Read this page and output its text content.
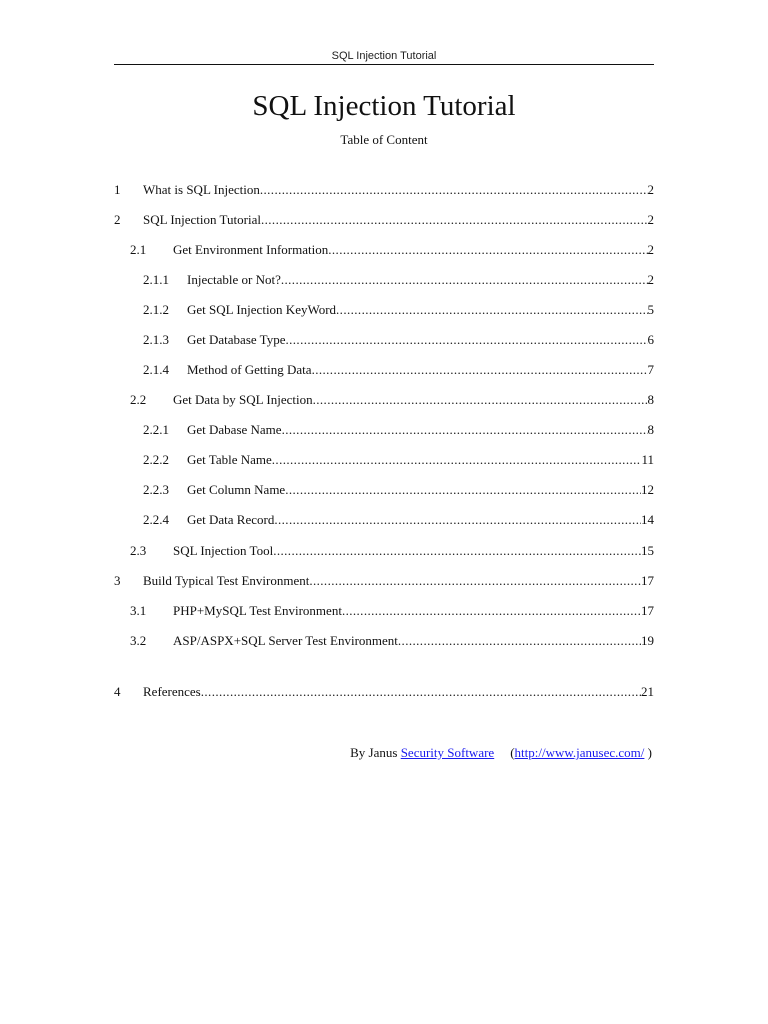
SQL Injection Tutorial
SQL Injection Tutorial
Table of Content
1	What is SQL Injection .....	2
2	SQL Injection Tutorial .....	2
2.1	Get Environment Information .....	2
2.1.1	Injectable or Not? .....	2
2.1.2	Get SQL Injection KeyWord .....	5
2.1.3	Get Database Type .....	6
2.1.4	Method of Getting Data .....	7
2.2	Get Data by SQL Injection .....	8
2.2.1	Get Dabase Name .....	8
2.2.2	Get Table Name .....	11
2.2.3	Get Column Name .....	12
2.2.4	Get Data Record .....	14
2.3	SQL Injection Tool .....	15
3	Build Typical Test Environment .....	17
3.1	PHP+MySQL Test Environment .....	17
3.2	ASP/ASPX+SQL Server Test Environment .....	19
4	References .....	21
By Janus Security Software (http://www.janusec.com/ )
